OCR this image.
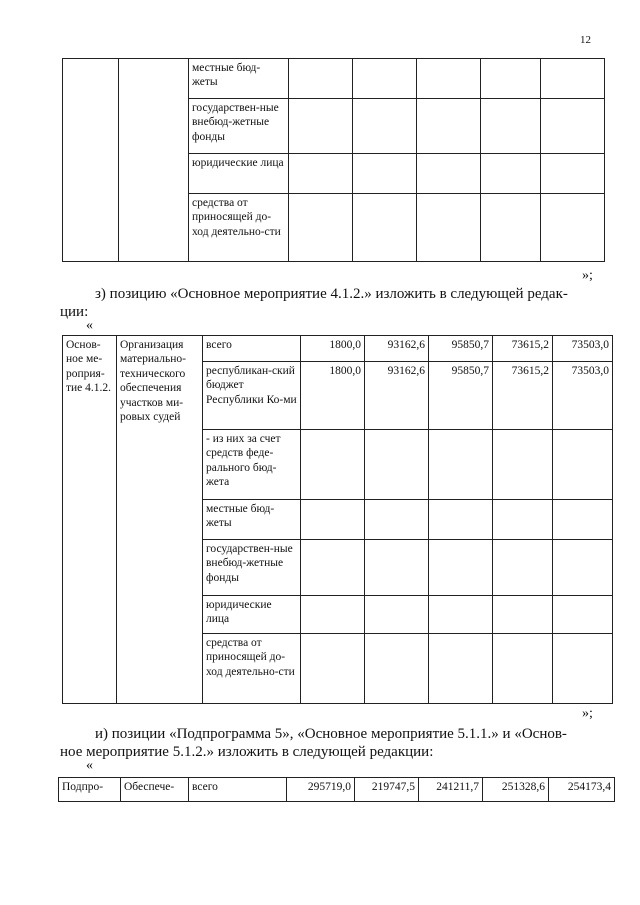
12
		местные бюд-жеты					
		государствен-ные внебюд-жетные фонды					
		юридические лица					
		средства от приносящей до-ход деятельно-сти					
»;

з) позицию «Основное мероприятие 4.1.2.» изложить в следующей редак-

ции:

«
Основ-ное ме-роприя-тие 4.1.2.	Организация материально-технического обеспечения участков ми-ровых судей	всего	1800,0	93162,6	95850,7	73615,2	73503,0
		республикан-ский бюджет Республики Ко-ми	1800,0	93162,6	95850,7	73615,2	73503,0
		- из них за счет средств феде-рального бюд-жета					
		местные бюд-жеты					
		государствен-ные внебюд-жетные фонды					
		юридические лица					
		средства от приносящей до-ход деятельно-сти					
»;

и) позиции «Подпрограмма 5», «Основное мероприятие 5.1.1.» и «Основ-

ное мероприятие 5.1.2.» изложить в следующей редакции:

«
Подпро-	Обеспече-	всего	295719,0	219747,5	241211,7	251328,6	254173,4
